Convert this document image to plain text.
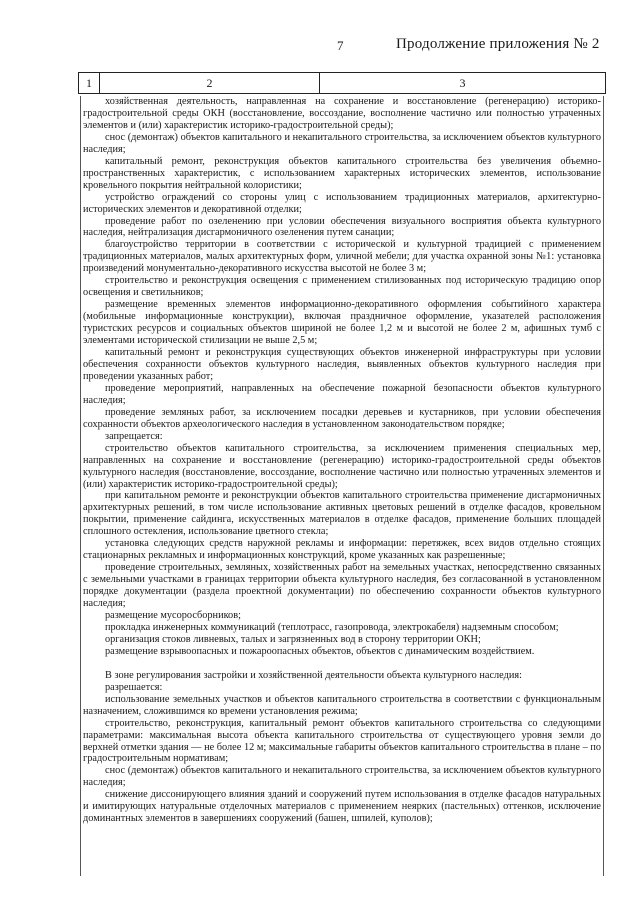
7	Продолжение приложения № 2
1	2	3

хозяйственная деятельность, направленная на сохранение и восстановление (регенерацию) историко-градостроительной среды ОКН (восстановление, воссоздание, восполнение частично или полностью утраченных элементов и (или) характеристик историко-градостроительной среды);

снос (демонтаж) объектов капитального и некапитального строительства, за исключением объектов культурного наследия;

капитальный ремонт, реконструкция объектов капитального строительства без увеличения объемно-пространственных характеристик, с использованием характерных исторических элементов, использование кровельного покрытия нейтральной колористики;

устройство ограждений со стороны улиц с использованием традиционных материалов, архитектурно-исторических элементов и декоративной отделки;

проведение работ по озеленению при условии обеспечения визуального восприятия объекта культурного наследия, нейтрализация дисгармоничного озеленения путем санации;

благоустройство территории в соответствии с исторической и культурной традицией с применением традиционных материалов, малых архитектурных форм, уличной мебели; для участка охранной зоны №1: установка произведений монументально-декоративного искусства высотой не более 3 м;

строительство и реконструкция освещения с применением стилизованных под историческую традицию опор освещения и светильников;

размещение временных элементов информационно-декоративного оформления событийного характера (мобильные информационные конструкции), включая праздничное оформление, указателей расположения туристских ресурсов и социальных объектов шириной не более 1,2 м и высотой не более 2 м, афишных тумб с элементами исторической стилизации не выше 2,5 м;

капитальный ремонт и реконструкция существующих объектов инженерной инфраструктуры при условии обеспечения сохранности объектов культурного наследия, выявленных объектов культурного наследия при проведении указанных работ;

проведение мероприятий, направленных на обеспечение пожарной безопасности объектов культурного наследия;

проведение земляных работ, за исключением посадки деревьев и кустарников, при условии обеспечения сохранности объектов археологического наследия в установленном законодательством порядке;

запрещается:

строительство объектов капитального строительства, за исключением применения специальных мер, направленных на сохранение и восстановление (регенерацию) историко-градостроительной среды объектов культурного наследия (восстановление, воссоздание, восполнение частично или полностью утраченных элементов и (или) характеристик историко-градостроительной среды);

при капитальном ремонте и реконструкции объектов капитального строительства применение дисгармоничных архитектурных решений, в том числе использование активных цветовых решений в отделке фасадов, кровельном покрытии, применение сайдинга, искусственных материалов в отделке фасадов, применение больших площадей сплошного остекления, использование цветного стекла;

установка следующих средств наружной рекламы и информации: перетяжек, всех видов отдельно стоящих стационарных рекламных и информационных конструкций, кроме указанных как разрешенные;

проведение строительных, земляных, хозяйственных работ на земельных участках, непосредственно связанных с земельными участками в границах территории объекта культурного наследия, без согласованной в установленном порядке документации (раздела проектной документации) по обеспечению сохранности объектов культурного наследия;

размещение мусоросборников;

прокладка инженерных коммуникаций (теплотрасс, газопровода, электрокабеля) надземным способом;

организация стоков ливневых, талых и загрязненных вод в сторону территории ОКН;

размещение взрывоопасных и пожароопасных объектов, объектов с динамическим воздействием.

В зоне регулирования застройки и хозяйственной деятельности объекта культурного наследия:

разрешается:

использование земельных участков и объектов капитального строительства в соответствии с функциональным назначением, сложившимся ко времени установления режима;

строительство, реконструкция, капитальный ремонт объектов капитального строительства со следующими параметрами: максимальная высота объекта капитального строительства от существующего уровня земли до верхней отметки здания — не более 12 м; максимальные габариты объектов капитального строительства в плане – по градостроительным нормативам;

снос (демонтаж) объектов капитального и некапитального строительства, за исключением объектов культурного наследия;

снижение диссонирующего влияния зданий и сооружений путем использования в отделке фасадов натуральных и имитирующих натуральные отделочных материалов с применением неярких (пастельных) оттенков, исключение доминантных элементов в завершениях сооружений (башен, шпилей, куполов);
